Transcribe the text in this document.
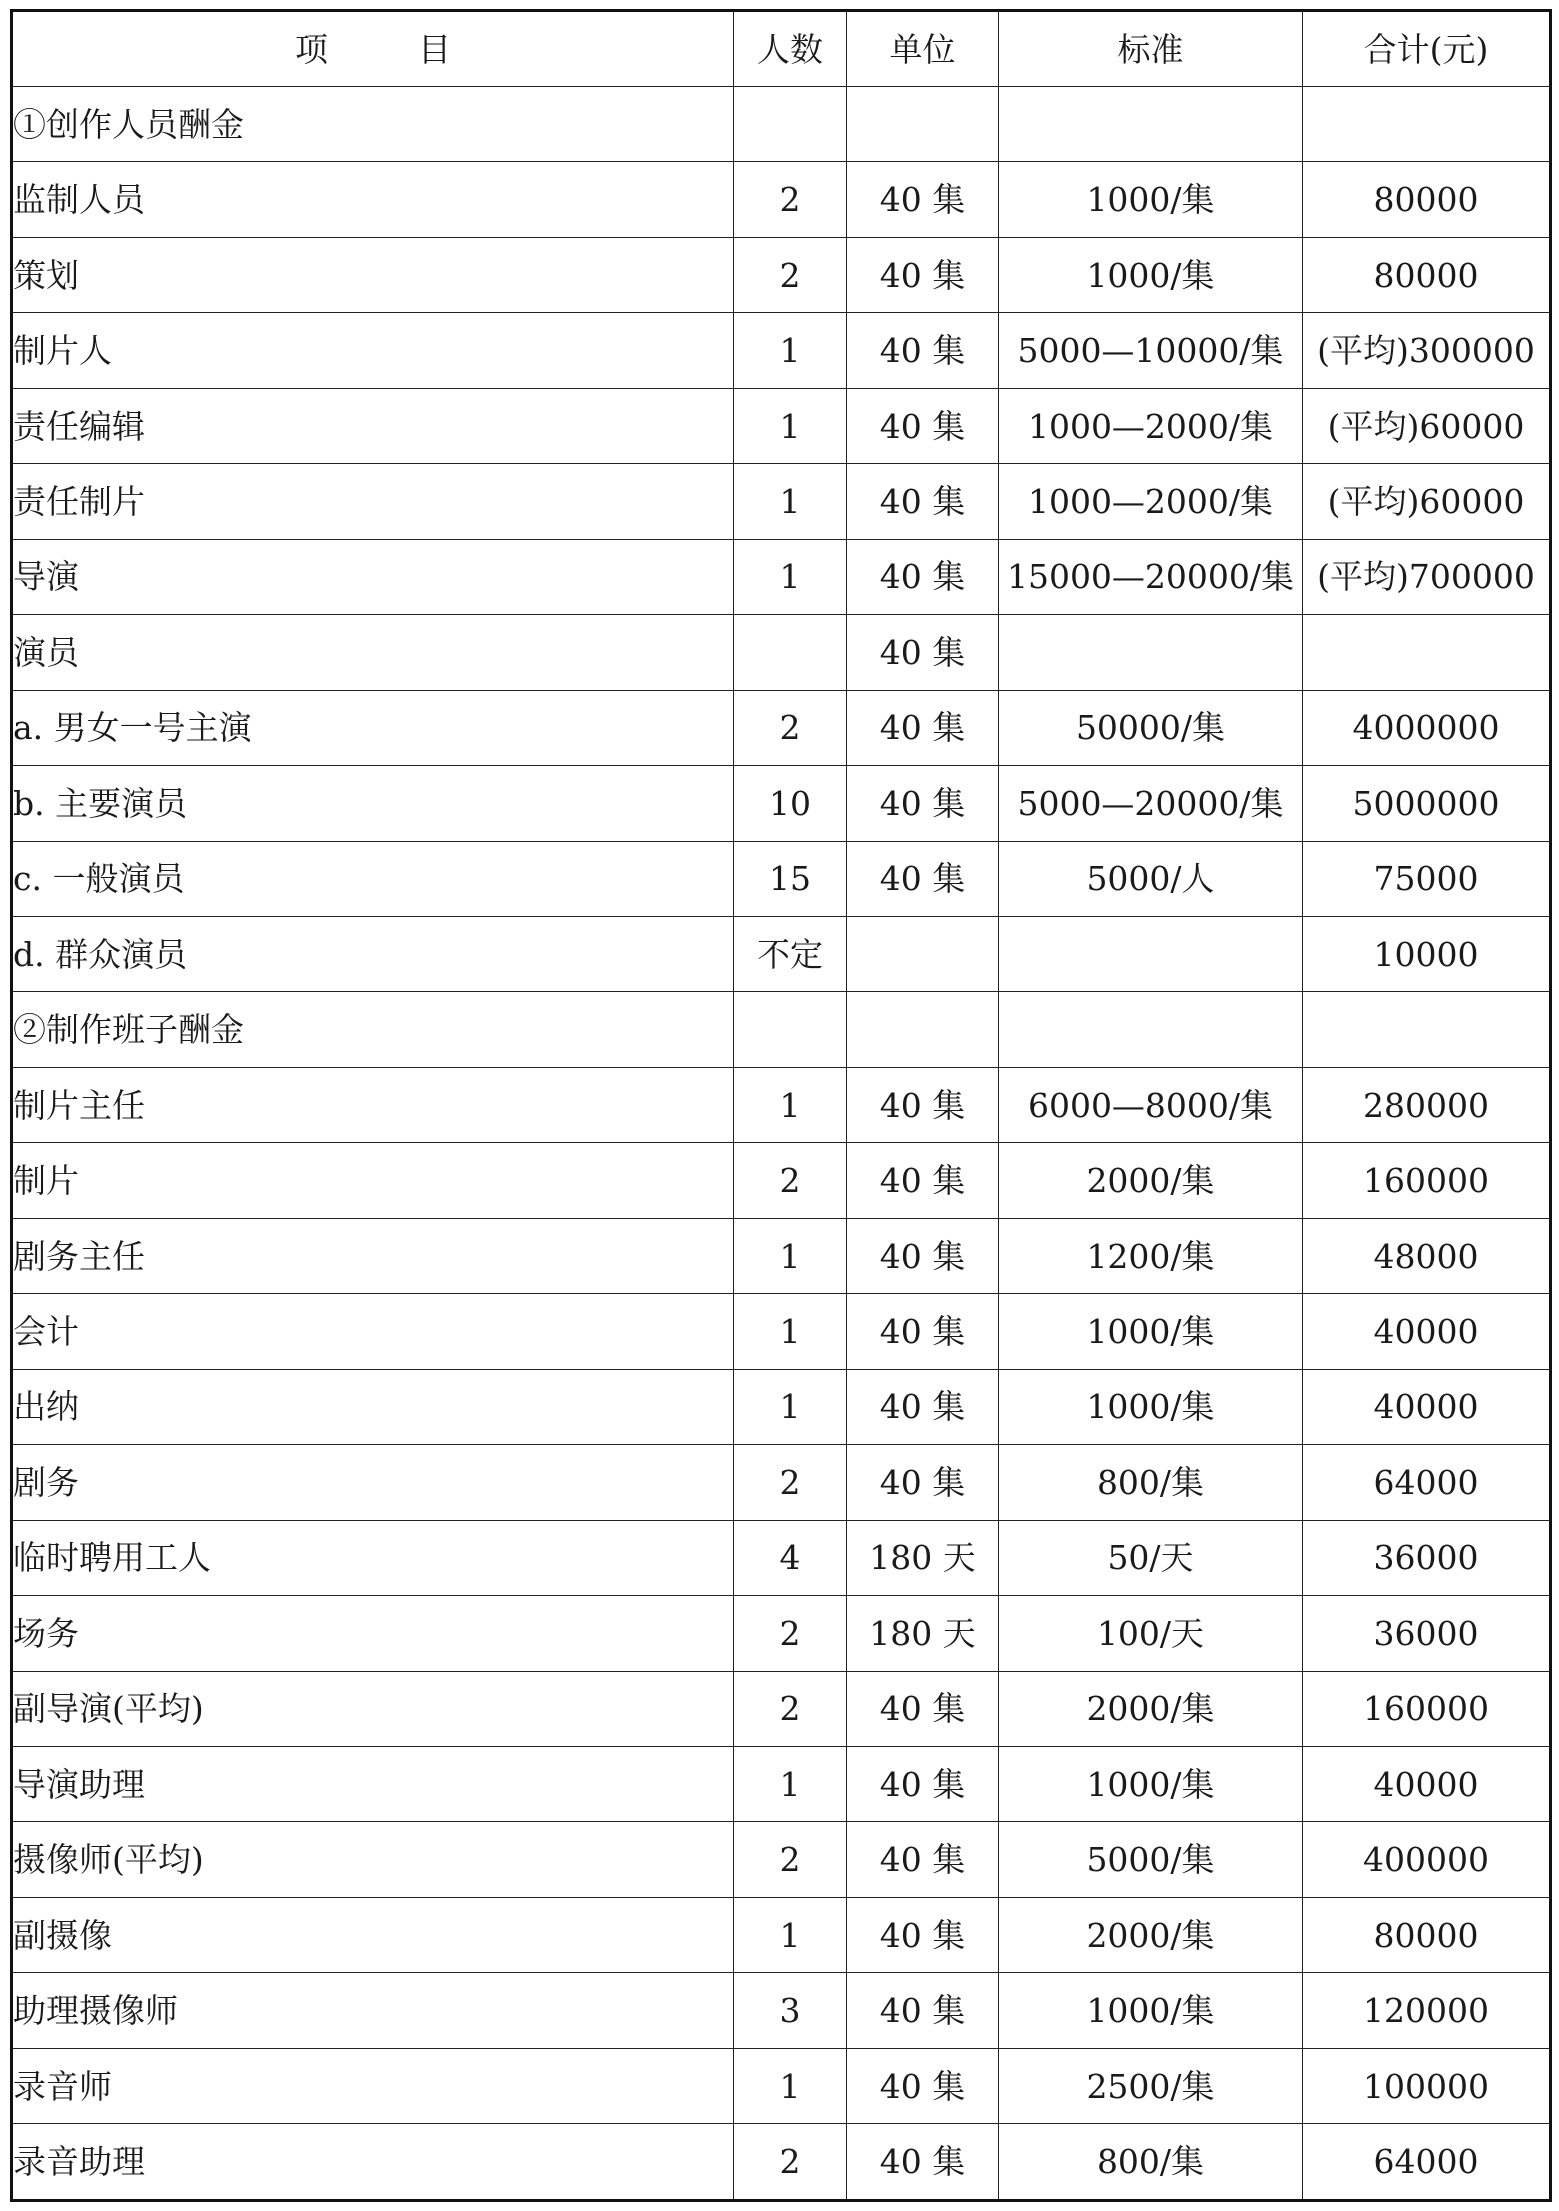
项 目	人数	单位	标准	合计(元)
①创作人员酬金				
监制人员	2	40 集	1000/集	80000
策划	2	40 集	1000/集	80000
制片人	1	40 集	5000—10000/集	(平均)300000
责任编辑	1	40 集	1000—2000/集	(平均)60000
责任制片	1	40 集	1000—2000/集	(平均)60000
导演	1	40 集	15000—20000/集	(平均)700000
演员		40 集		
a. 男女一号主演	2	40 集	50000/集	4000000
b. 主要演员	10	40 集	5000—20000/集	5000000
c. 一般演员	15	40 集	5000/人	75000
d. 群众演员	不定			10000
②制作班子酬金				
制片主任	1	40 集	6000—8000/集	280000
制片	2	40 集	2000/集	160000
剧务主任	1	40 集	1200/集	48000
会计	1	40 集	1000/集	40000
出纳	1	40 集	1000/集	40000
剧务	2	40 集	800/集	64000
临时聘用工人	4	180 天	50/天	36000
场务	2	180 天	100/天	36000
副导演(平均)	2	40 集	2000/集	160000
导演助理	1	40 集	1000/集	40000
摄像师(平均)	2	40 集	5000/集	400000
副摄像	1	40 集	2000/集	80000
助理摄像师	3	40 集	1000/集	120000
录音师	1	40 集	2500/集	100000
录音助理	2	40 集	800/集	64000
